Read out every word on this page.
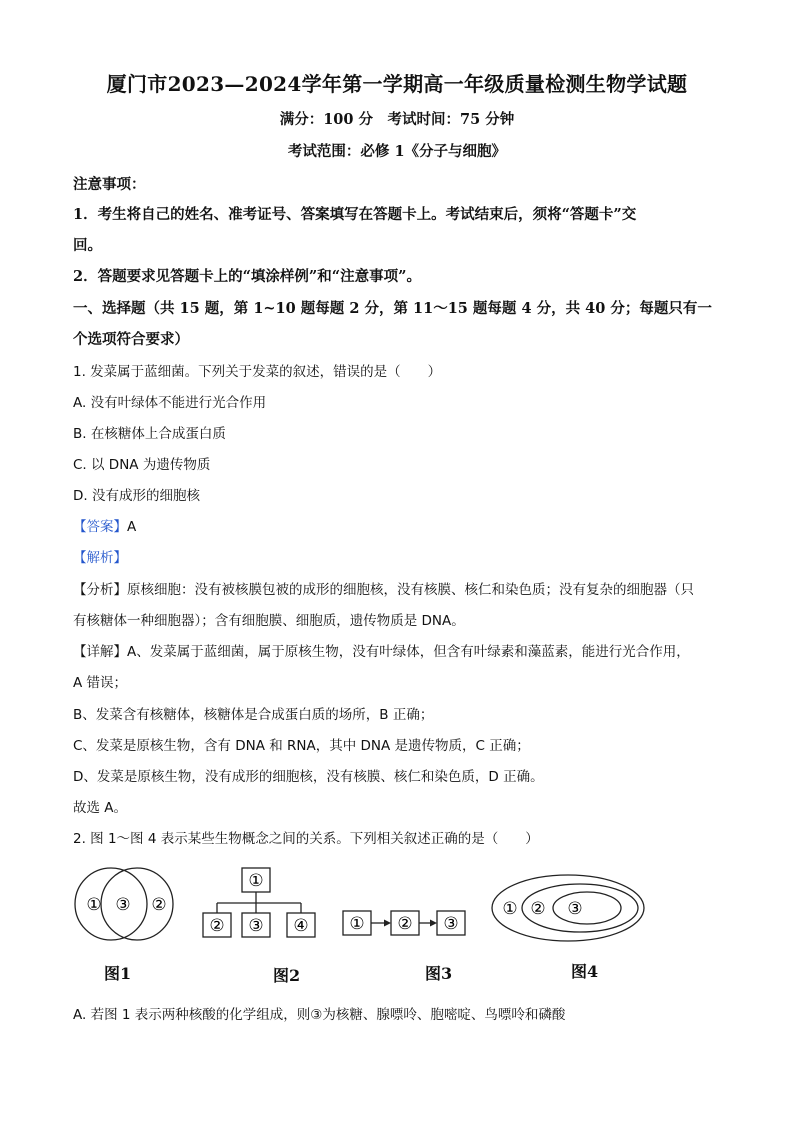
厦门市2023—2024学年第一学期高一年级质量检测生物学试题
满分：100 分　考试时间：75 分钟
考试范围：必修 1《分子与细胞》
注意事项：
1．考生将自己的姓名、准考证号、答案填写在答题卡上。考试结束后，须将“答题卡”交
回。
2．答题要求见答题卡上的“填涂样例”和“注意事项”。
一、选择题（共 15 题，第 1~10 题每题 2 分，第 11～15 题每题 4 分，共 40 分；每题只有一
个选项符合要求）
1. 发菜属于蓝细菌。下列关于发菜的叙述，错误的是（　　）
A. 没有叶绿体不能进行光合作用
B. 在核糖体上合成蛋白质
C. 以 DNA 为遗传物质
D. 没有成形的细胞核
【答案】A
【解析】
【分析】原核细胞：没有被核膜包被的成形的细胞核，没有核膜、核仁和染色质；没有复杂的细胞器（只
有核糖体一种细胞器）；含有细胞膜、细胞质，遗传物质是 DNA。
【详解】A、发菜属于蓝细菌，属于原核生物，没有叶绿体，但含有叶绿素和藻蓝素，能进行光合作用，
A 错误；
B、发菜含有核糖体，核糖体是合成蛋白质的场所，B 正确；
C、发菜是原核生物，含有 DNA 和 RNA，其中 DNA 是遗传物质，C 正确；
D、发菜是原核生物，没有成形的细胞核，没有核膜、核仁和染色质，D 正确。
故选 A。
2. 图 1～图 4 表示某些生物概念之间的关系。下列相关叙述正确的是（　　）
① ③ ②
①
② ③ ④ ① ② ③
① ② ③
图1	图2	图3	图4
A. 若图 1 表示两种核酸的化学组成，则③为核糖、腺嘌呤、胞嘧啶、鸟嘌呤和磷酸
